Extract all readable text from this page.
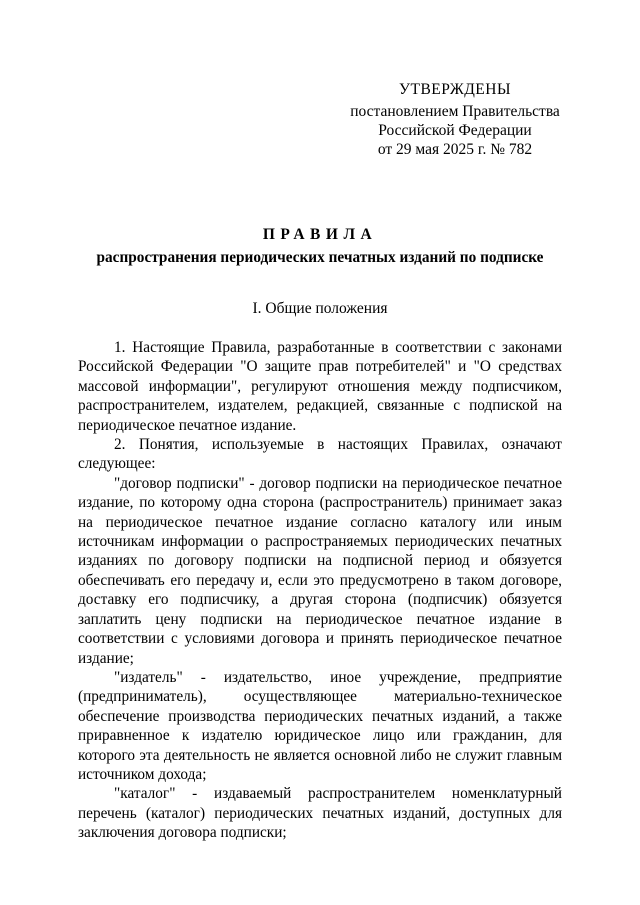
УТВЕРЖДЕНЫ
постановлением Правительства
Российской Федерации
от 29 мая 2025 г. № 782
ПРАВИЛА
распространения периодических печатных изданий по подписке
I. Общие положения

1. Настоящие Правила, разработанные в соответствии с законами Российской Федерации "О защите прав потребителей" и "О средствах массовой информации", регулируют отношения между подписчиком, распространителем, издателем, редакцией, связанные с подпиской на периодическое печатное издание.

2. Понятия, используемые в настоящих Правилах, означают следующее:

"договор подписки" - договор подписки на периодическое печатное издание, по которому одна сторона (распространитель) принимает заказ на периодическое печатное издание согласно каталогу или иным источникам информации о распространяемых периодических печатных изданиях по договору подписки на подписной период и обязуется обеспечивать его передачу и, если это предусмотрено в таком договоре, доставку его подписчику, а другая сторона (подписчик) обязуется заплатить цену подписки на периодическое печатное издание в соответствии с условиями договора и принять периодическое печатное издание;

"издатель" - издательство, иное учреждение, предприятие (предприниматель), осуществляющее материально-техническое обеспечение производства периодических печатных изданий, а также приравненное к издателю юридическое лицо или гражданин, для которого эта деятельность не является основной либо не служит главным источником дохода;

"каталог" - издаваемый распространителем номенклатурный перечень (каталог) периодических печатных изданий, доступных для заключения договора подписки;
